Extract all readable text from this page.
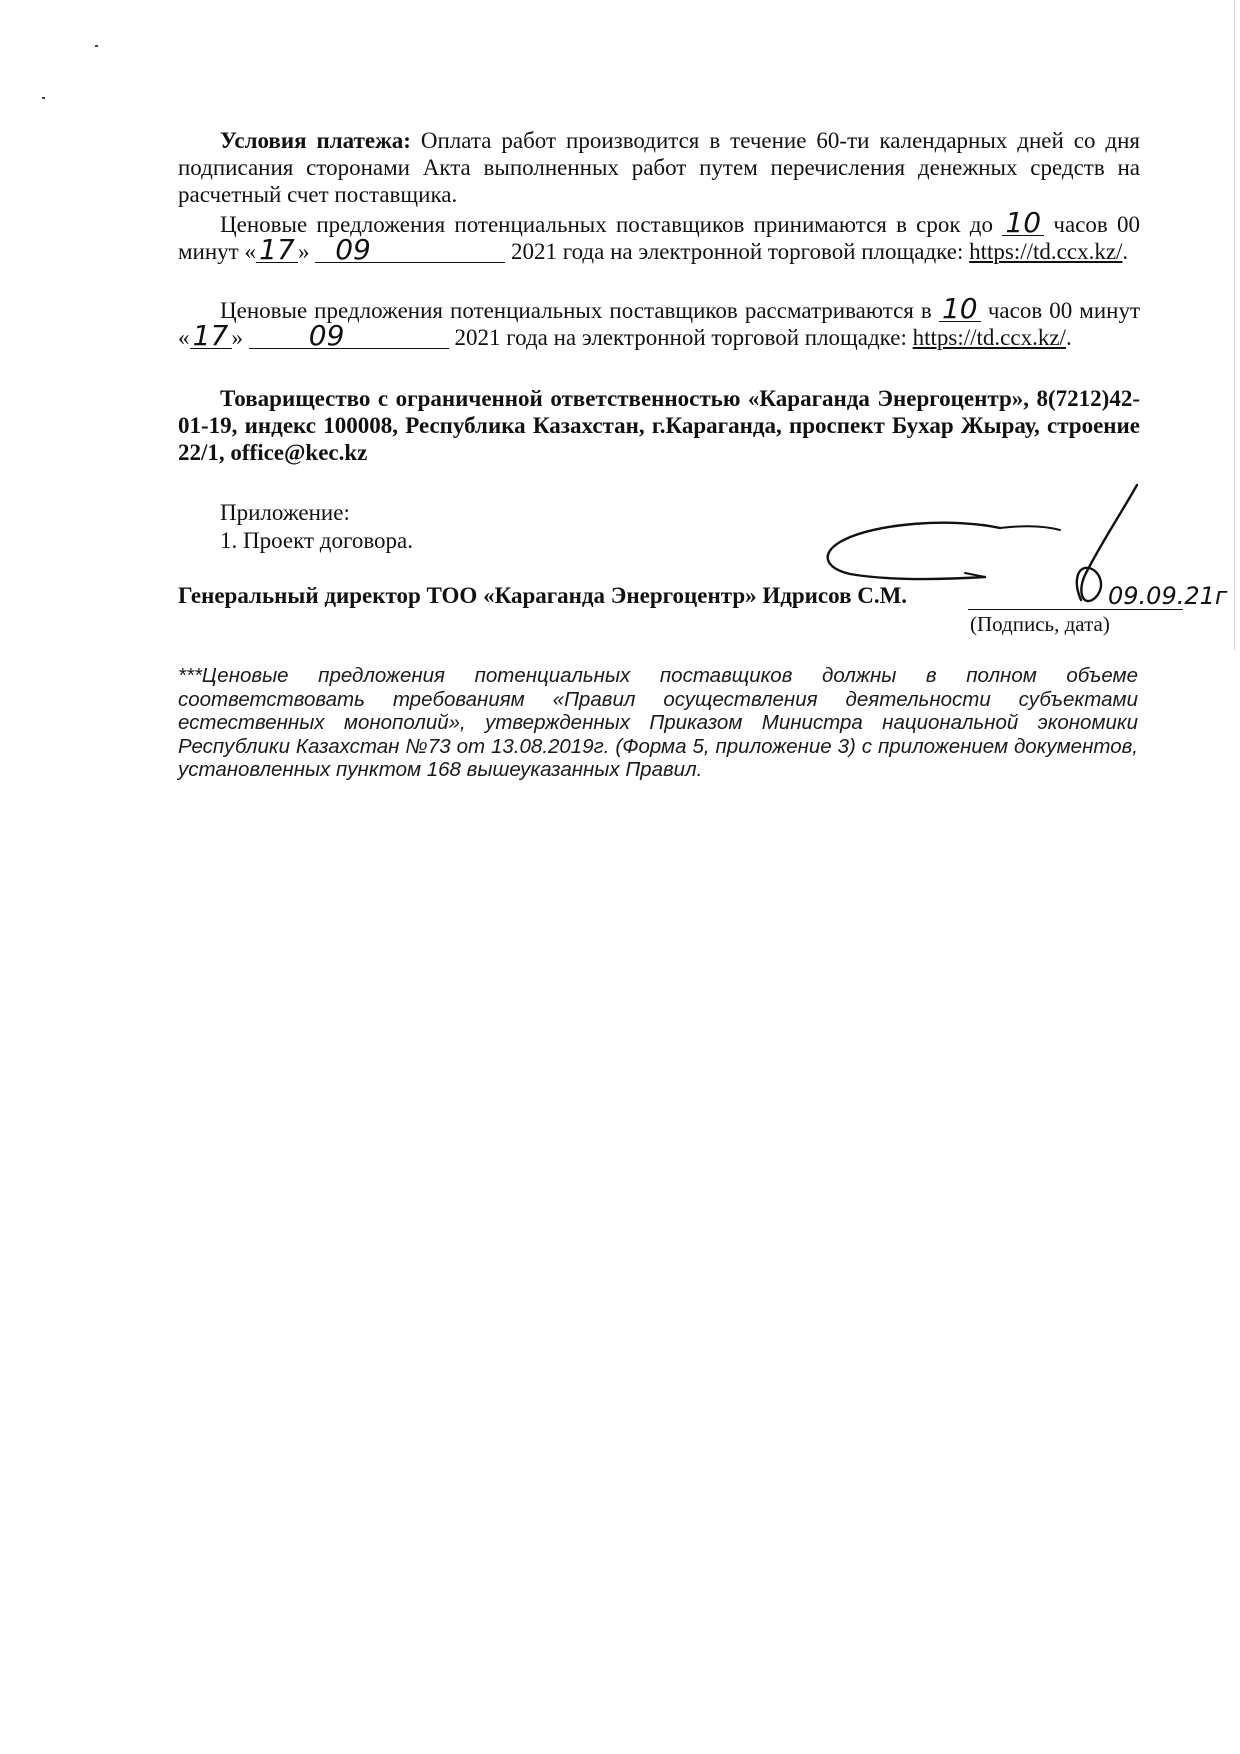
Условия платежа: Оплата работ производится в течение 60-ти календарных дней со дня подписания сторонами Акта выполненных работ путем перечисления денежных средств на расчетный счет поставщика.
Ценовые предложения потенциальных поставщиков принимаются в срок до 10 часов 00 минут « 17 » 09	2021 года на электронной торговой площадке: https://td.ccx.kz/.
Ценовые предложения потенциальных поставщиков рассматриваются в 10 часов 00 минут « 17 » 09	2021 года на электронной торговой площадке: https://td.ccx.kz/.
Товарищество с ограниченной ответственностью «Караганда Энергоцентр», 8(7212)42-01-19, индекс 100008, Республика Казахстан, г.Караганда, проспект Бухар Жырау, строение 22/1, office@kec.kz
Приложение:
1. Проект договора.
Генеральный директор ТОО «Караганда Энергоцентр» Идрисов С.М.	09.09.21г
(Подпись, дата)
***Ценовые предложения потенциальных поставщиков должны в полном объеме соответствовать требованиям «Правил осуществления деятельности субъектами естественных монополий», утвержденных Приказом Министра национальной экономики Республики Казахстан №73 от 13.08.2019г. (Форма 5, приложение 3) с приложением документов, установленных пунктом 168 вышеуказанных Правил.
